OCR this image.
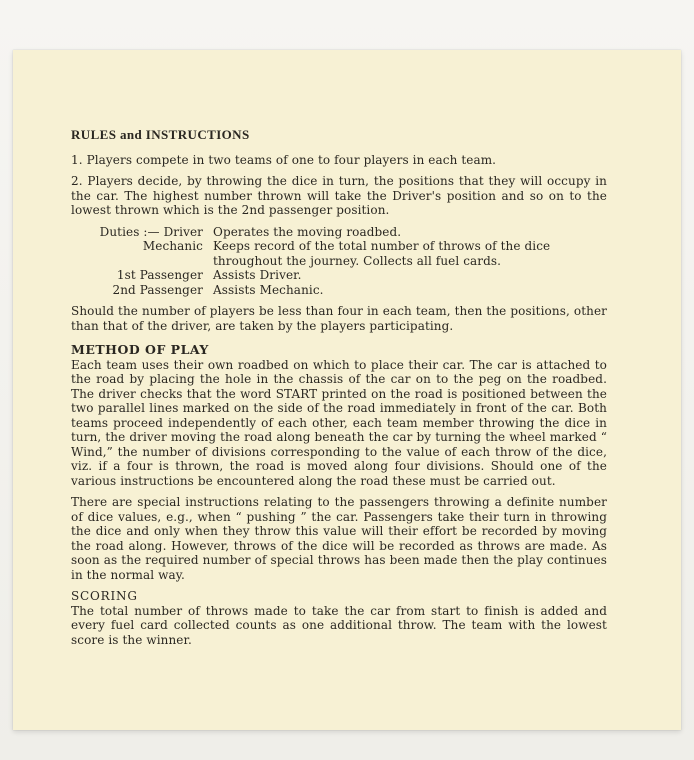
RULES and INSTRUCTIONS

1. Players compete in two teams of one to four players in each team.

2. Players decide, by throwing the dice in turn, the positions that they will occupy in the car. The highest number thrown will take the Driver's position and so on to the lowest thrown which is the 2nd passenger position.

Duties :— Driver Operates the moving roadbed.
Mechanic Keeps record of the total number of throws of the dice throughout the journey. Collects all fuel cards.
1st Passenger Assists Driver.
2nd Passenger Assists Mechanic.

Should the number of players be less than four in each team, then the positions, other than that of the driver, are taken by the players participating.

METHOD OF PLAY

Each team uses their own roadbed on which to place their car. The car is attached to the road by placing the hole in the chassis of the car on to the peg on the roadbed. The driver checks that the word START printed on the road is positioned between the two parallel lines marked on the side of the road immediately in front of the car. Both teams proceed independently of each other, each team member throwing the dice in turn, the driver moving the road along beneath the car by turning the wheel marked “ Wind,” the number of divisions corresponding to the value of each throw of the dice, viz. if a four is thrown, the road is moved along four divisions. Should one of the various instructions be encountered along the road these must be carried out.

There are special instructions relating to the passengers throwing a definite number of dice values, e.g., when “ pushing ” the car. Passengers take their turn in throwing the dice and only when they throw this value will their effort be recorded by moving the road along. However, throws of the dice will be recorded as throws are made. As soon as the required number of special throws has been made then the play continues in the normal way.

SCORING

The total number of throws made to take the car from start to finish is added and every fuel card collected counts as one additional throw. The team with the lowest score is the winner.
